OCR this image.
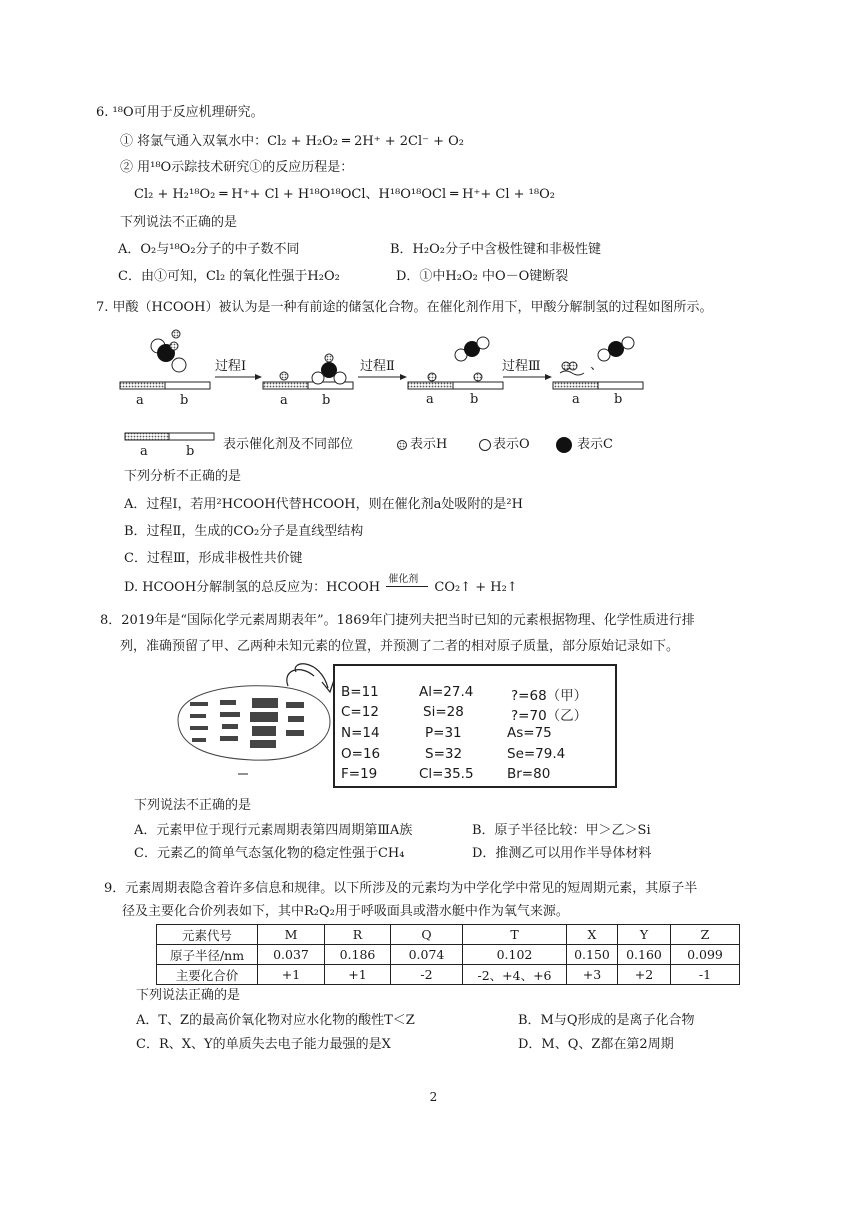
6. ¹⁸O可用于反应机理研究。
① 将氯气通入双氧水中：Cl₂ + H₂O₂ ═ 2H⁺ + 2Cl⁻ + O₂
② 用¹⁸O示踪技术研究①的反应历程是：
Cl₂ + H₂¹⁸O₂ ═ H⁺+ Cl + H¹⁸O¹⁸OCl、H¹⁸O¹⁸OCl ═ H⁺+ Cl + ¹⁸O₂
下列说法不正确的是
A．O₂与¹⁸O₂分子的中子数不同	B．H₂O₂分子中含极性键和非极性键
C．由①可知，Cl₂ 的氧化性强于H₂O₂	D．①中H₂O₂ 中O－O键断裂
7. 甲酸（HCOOH）被认为是一种有前途的储氢化合物。在催化剂作用下，甲酸分解制氢的过程如图所示。
过程Ⅰ	过程Ⅱ	过程Ⅲ	、
a	b	a	b	a	b	a	b
a	b 表示催化剂及不同部位	表示H	表示O	表示C
下列分析不正确的是
A．过程Ⅰ，若用²HCOOH代替HCOOH，则在催化剂a处吸附的是²H
B．过程Ⅱ，生成的CO₂分子是直线型结构
C．过程Ⅲ，形成非极性共价键
D. HCOOH分解制氢的总反应为：HCOOH
催化剂
CO₂↑ + H₂↑
8．2019年是“国际化学元素周期表年”。1869年门捷列夫把当时已知的元素根据物理、化学性质进行排
列，准确预留了甲、乙两种未知元素的位置，并预测了二者的相对原子质量，部分原始记录如下。
B=11	Al=27.4	?=68（甲）
C=12	Si=28	?=70（乙）
N=14	P=31	As=75
O=16	S=32	Se=79.4
F=19	Cl=35.5 Br=80
下列说法不正确的是
A．元素甲位于现行元素周期表第四周期第ⅢA族	B．原子半径比较：甲＞乙＞Si
C．元素乙的简单气态氢化物的稳定性强于CH₄	D．推测乙可以用作半导体材料
9．元素周期表隐含着许多信息和规律。以下所涉及的元素均为中学化学中常见的短周期元素，其原子半
径及主要化合价列表如下，其中R₂Q₂用于呼吸面具或潜水艇中作为氧气来源。
元素代号	M	R	Q	T	X	Y	Z
原子半径/nm	0.037	0.186	0.074	0.102	0.150	0.160	0.099
主要化合价	+1	+1	-2	-2、+4、+6	+3	+2	-1
下列说法正确的是
A．T、Z的最高价氧化物对应水化物的酸性T＜Z	B．M与Q形成的是离子化合物
C．R、X、Y的单质失去电子能力最强的是X	D．M、Q、Z都在第2周期
2
